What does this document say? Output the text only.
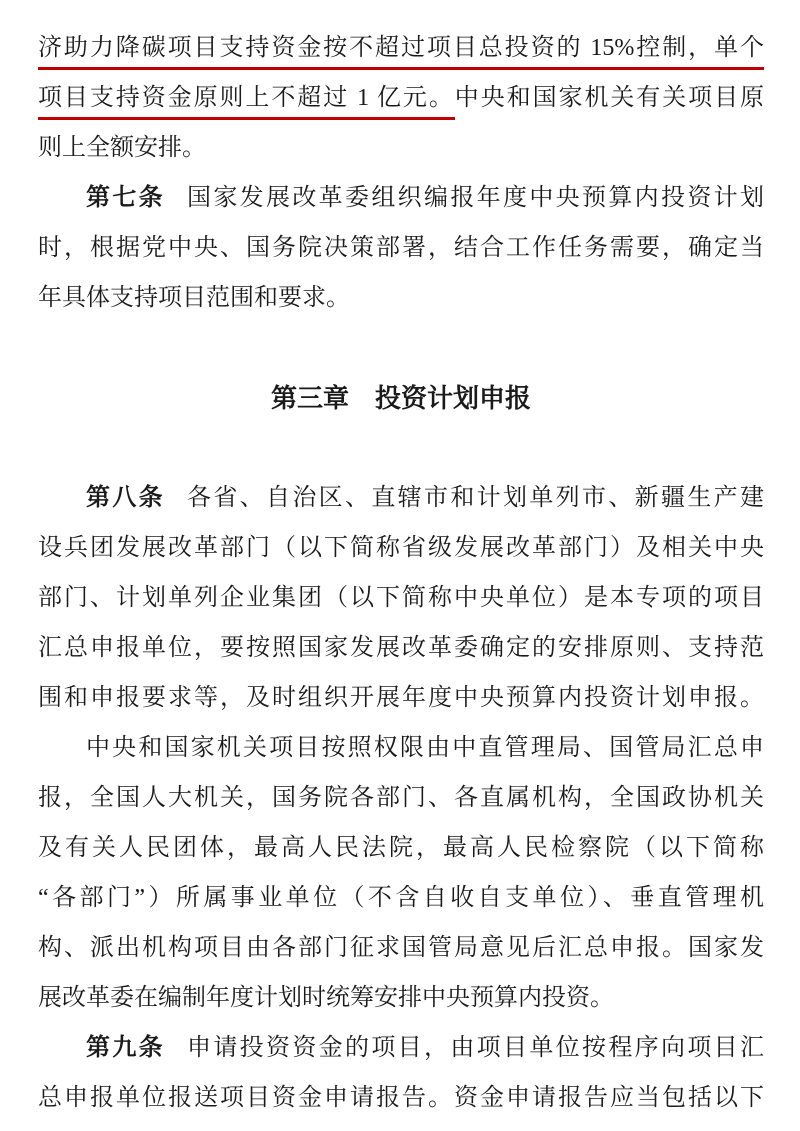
济助力降碳项目支持资金按不超过项目总投资的 15%控制，单个
项目支持资金原则上不超过 1 亿元。中央和国家机关有关项目原
则上全额安排。
第七条 国家发展改革委组织编报年度中央预算内投资计划
时，根据党中央、国务院决策部署，结合工作任务需要，确定当
年具体支持项目范围和要求。
第三章　投资计划申报
第八条 各省、自治区、直辖市和计划单列市、新疆生产建
设兵团发展改革部门（以下简称省级发展改革部门）及相关中央
部门、计划单列企业集团（以下简称中央单位）是本专项的项目
汇总申报单位，要按照国家发展改革委确定的安排原则、支持范
围和申报要求等，及时组织开展年度中央预算内投资计划申报。
中央和国家机关项目按照权限由中直管理局、国管局汇总申
报，全国人大机关，国务院各部门、各直属机构，全国政协机关
及有关人民团体，最高人民法院，最高人民检察院（以下简称
“各部门”）所属事业单位（不含自收自支单位）、垂直管理机
构、派出机构项目由各部门征求国管局意见后汇总申报。国家发
展改革委在编制年度计划时统筹安排中央预算内投资。
第九条 申请投资资金的项目，由项目单位按程序向项目汇
总申报单位报送项目资金申请报告。资金申请报告应当包括以下
